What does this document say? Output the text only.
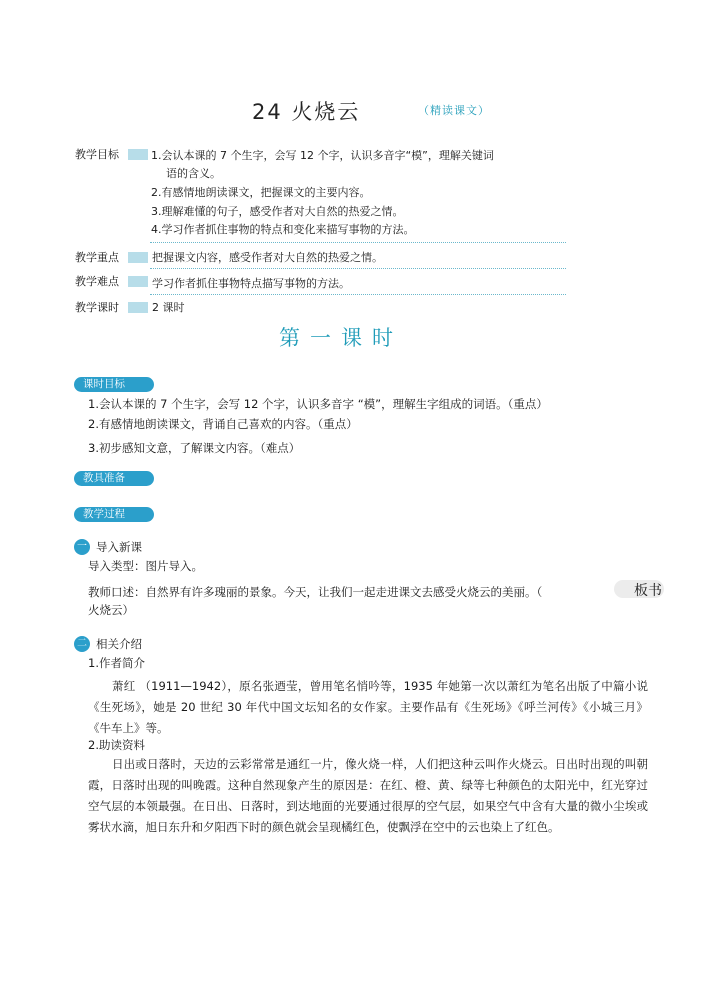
24 火烧云	（精读课文）
教学目标	1.会认本课的 7 个生字，会写 12 个字，认识多音字“模”，理解关键词
语的含义。
2.有感情地朗读课文，把握课文的主要内容。
3.理解难懂的句子，感受作者对大自然的热爱之情。
4.学习作者抓住事物的特点和变化来描写事物的方法。
教学重点	把握课文内容，感受作者对大自然的热爱之情。
教学难点	学习作者抓住事物特点描写事物的方法。
教学课时	2 课时
第一课时
课时目标
1.会认本课的 7 个生字，会写 12 个字，认识多音字 “模”，理解生字组成的词语。（重点）
2.有感情地朗读课文，背诵自己喜欢的内容。（重点）
3.初步感知文意，了解课文内容。（难点）
教具准备
教学过程
一 导入新课
导入类型：图片导入。
教师口述：自然界有许多瑰丽的景象。今天，让我们一起走进课文去感受火烧云的美丽。（
火烧云）
板书
二 相关介绍
1.作者简介
萧红 （1911—1942），原名张迺莹，曾用笔名悄吟等，1935 年她第一次以萧红为笔名出版了中篇小说《生死场》，她是 20 世纪 30 年代中国文坛知名的女作家。主要作品有《生死场》《呼兰河传》《小城三月》《牛车上》等。
2.助读资料
日出或日落时，天边的云彩常常是通红一片，像火烧一样，人们把这种云叫作火烧云。日出时出现的叫朝霞，日落时出现的叫晚霞。这种自然现象产生的原因是：在红、橙、黄、绿等七种颜色的太阳光中，红光穿过空气层的本领最强。在日出、日落时，到达地面的光要通过很厚的空气层，如果空气中含有大量的微小尘埃或雾状水滴，旭日东升和夕阳西下时的颜色就会呈现橘红色，使飘浮在空中的云也染上了红色。
